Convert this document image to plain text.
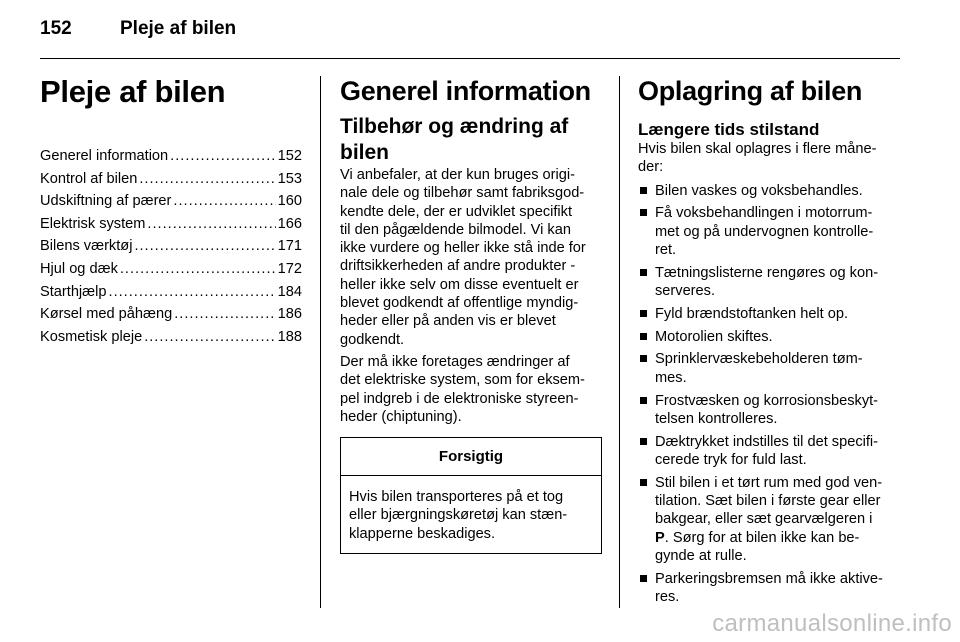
152	Pleje af bilen
Pleje af bilen
Generel information .....	152
Kontrol af bilen .....	153
Udskiftning af pærer .....	160
Elektrisk system .....	166
Bilens værktøj .....	171
Hjul og dæk .....	172
Starthjælp .....	184
Kørsel med påhæng .....	186
Kosmetisk pleje .....	188
Generel information
Tilbehør og ændring af
bilen

Vi anbefaler, at der kun bruges origi-
nale dele og tilbehør samt fabriksgod-
kendte dele, der er udviklet specifikt
til den pågældende bilmodel. Vi kan
ikke vurdere og heller ikke stå inde for
driftsikkerheden af andre produkter -
heller ikke selv om disse eventuelt er
blevet godkendt af offentlige myndig-
heder eller på anden vis er blevet
godkendt.

Der må ikke foretages ændringer af
det elektriske system, som for eksem-
pel indgreb i de elektroniske styreen-
heder (chiptuning).

Forsigtig
Hvis bilen transporteres på et tog
eller bjærgningskøretøj kan stæn-
klapperne beskadiges.
Oplagring af bilen
Længere tids stilstand

Hvis bilen skal oplagres i flere måne-
der:

Bilen vaskes og voksbehandles.
Få voksbehandlingen i motorrum-
met og på undervognen kontrolle-
ret.
Tætningslisterne rengøres og kon-
serveres.
Fyld brændstoftanken helt op.
Motorolien skiftes.
Sprinklervæskebeholderen tøm-
mes.
Frostvæsken og korrosionsbeskyt-
telsen kontrolleres.
Dæktrykket indstilles til det specifi-
cerede tryk for fuld last.
Stil bilen i et tørt rum med god ven-
tilation. Sæt bilen i første gear eller
bakgear, eller sæt gearvælgeren i
P. Sørg for at bilen ikke kan be-
gynde at rulle.
Parkeringsbremsen må ikke aktive-
res.
carmanualsonline.info
